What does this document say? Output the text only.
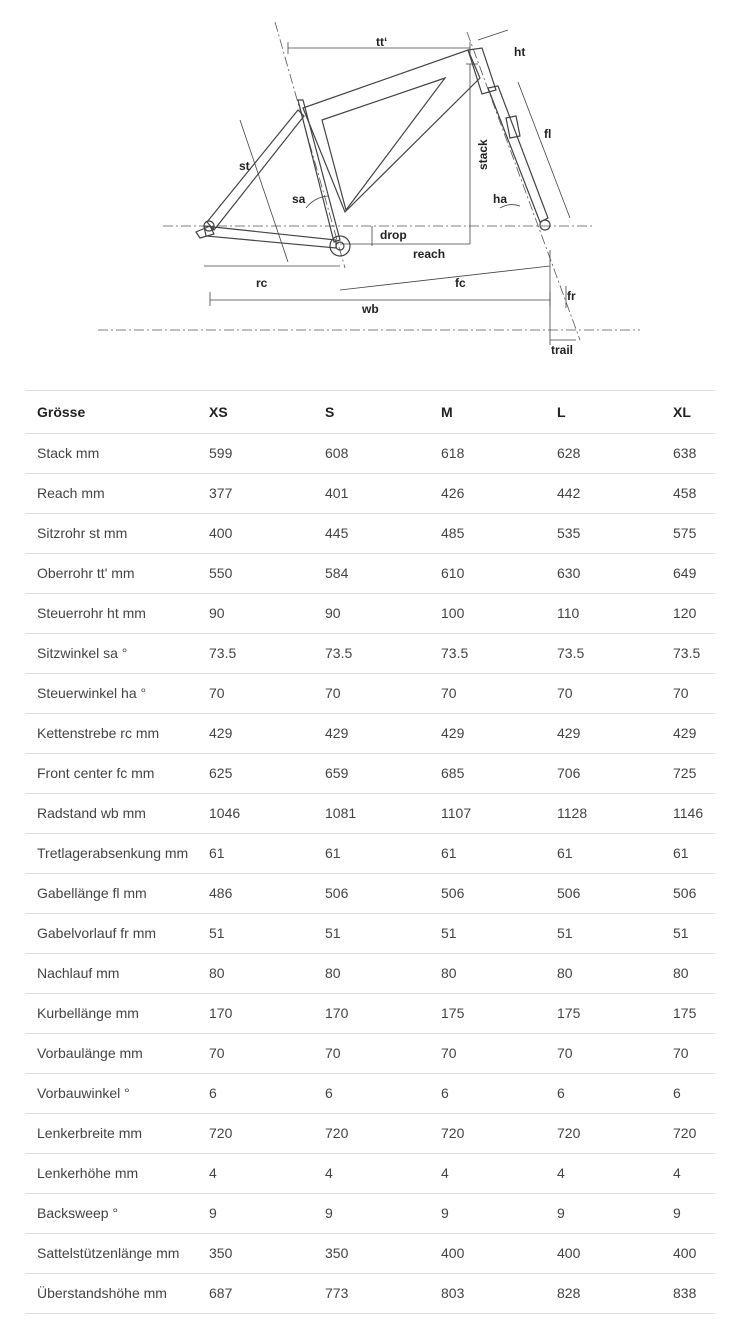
tt‘
ht
fl
stack
st
sa	ha
drop
reach
rc	fc
fr
wb
trail
Grösse	XS	S	M	L	XL
Stack mm	599	608	618	628	638
Reach mm	377	401	426	442	458
Sitzrohr st mm	400	445	485	535	575
Oberrohr tt' mm	550	584	610	630	649
Steuerrohr ht mm	90	90	100	110	120
Sitzwinkel sa °	73.5	73.5	73.5	73.5	73.5
Steuerwinkel ha °	70	70	70	70	70
Kettenstrebe rc mm	429	429	429	429	429
Front center fc mm	625	659	685	706	725
Radstand wb mm	1046	1081	1107	1128	1146
Tretlagerabsenkung mm	61	61	61	61	61
Gabellänge fl mm	486	506	506	506	506
Gabelvorlauf fr mm	51	51	51	51	51
Nachlauf mm	80	80	80	80	80
Kurbellänge mm	170	170	175	175	175
Vorbaulänge mm	70	70	70	70	70
Vorbauwinkel °	6	6	6	6	6
Lenkerbreite mm	720	720	720	720	720
Lenkerhöhe mm	4	4	4	4	4
Backsweep °	9	9	9	9	9
Sattelstützenlänge mm	350	350	400	400	400
Überstandshöhe mm	687	773	803	828	838
